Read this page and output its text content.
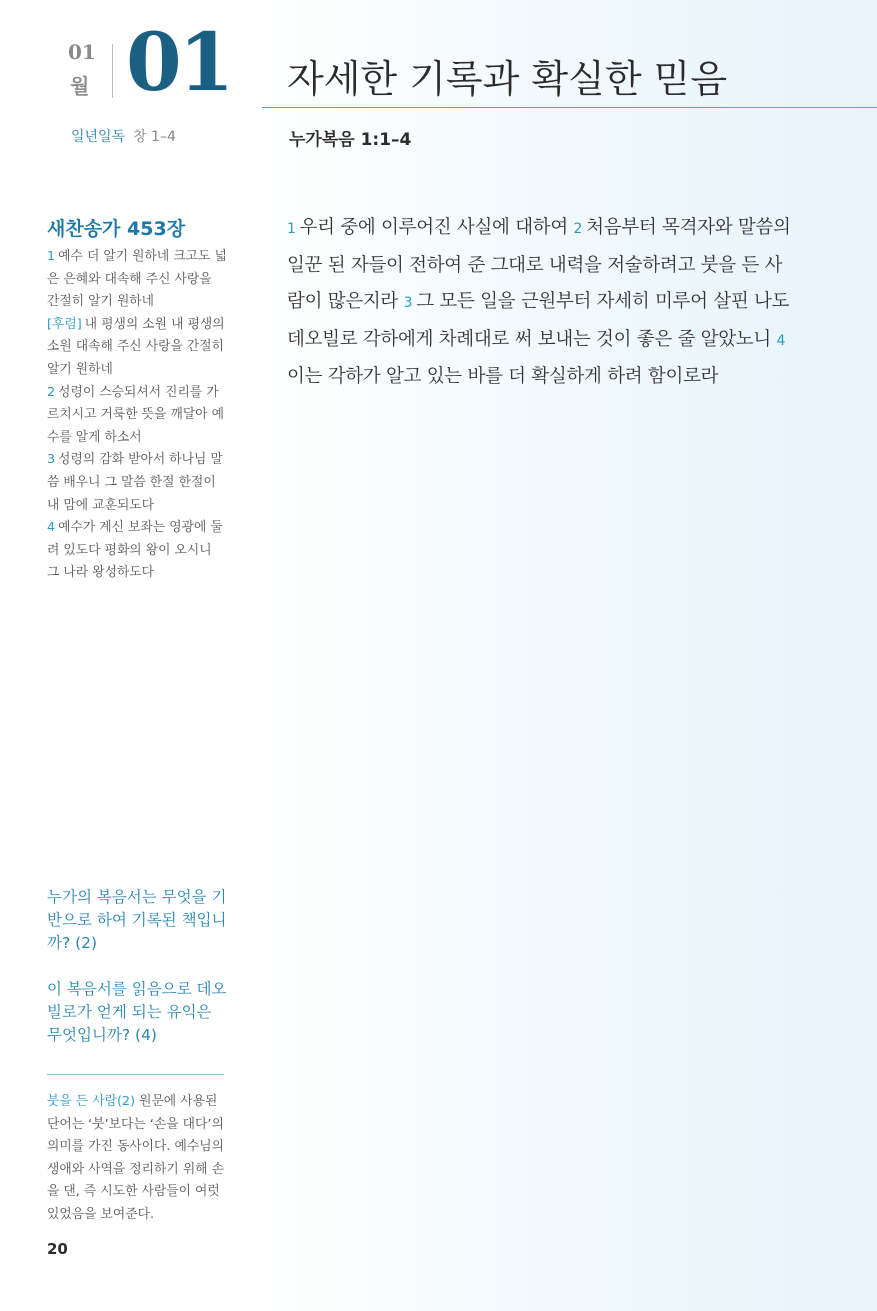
01
월 01
일년일독 창 1–4
자세한 기록과 확실한 믿음
누가복음 1:1–4
새찬송가 453장
1 예수 더 알기 원하네 크고도 넓은 은혜와 대속해 주신 사랑을 간절히 알기 원하네
[후렴] 내 평생의 소원 내 평생의 소원 대속해 주신 사랑을 간절히 알기 원하네
2 성령이 스승되셔서 진리를 가르치시고 거룩한 뜻을 깨달아 예수를 알게 하소서
3 성령의 감화 받아서 하나님 말씀 배우니 그 말씀 한절 한절이 내 맘에 교훈되도다
4 예수가 계신 보좌는 영광에 둘려 있도다 평화의 왕이 오시니 그 나라 왕성하도다
1 우리 중에 이루어진 사실에 대하여 2 처음부터 목격자와 말씀의 일꾼 된 자들이 전하여 준 그대로 내력을 저술하려고 붓을 든 사람이 많은지라 3 그 모든 일을 근원부터 자세히 미루어 살핀 나도 데오빌로 각하에게 차례대로 써 보내는 것이 좋은 줄 알았노니 4이는 각하가 알고 있는 바를 더 확실하게 하려 함이로라
누가의 복음서는 무엇을 기반으로 하여 기록된 책입니까? (2)
이 복음서를 읽음으로 데오빌로가 얻게 되는 유익은 무엇입니까? (4)
붓을 든 사람(2) 원문에 사용된 단어는 ‘붓’보다는 ‘손을 대다’의 의미를 가진 동사이다. 예수님의 생애와 사역을 정리하기 위해 손을 댄, 즉 시도한 사람들이 여럿 있었음을 보여준다.
20
